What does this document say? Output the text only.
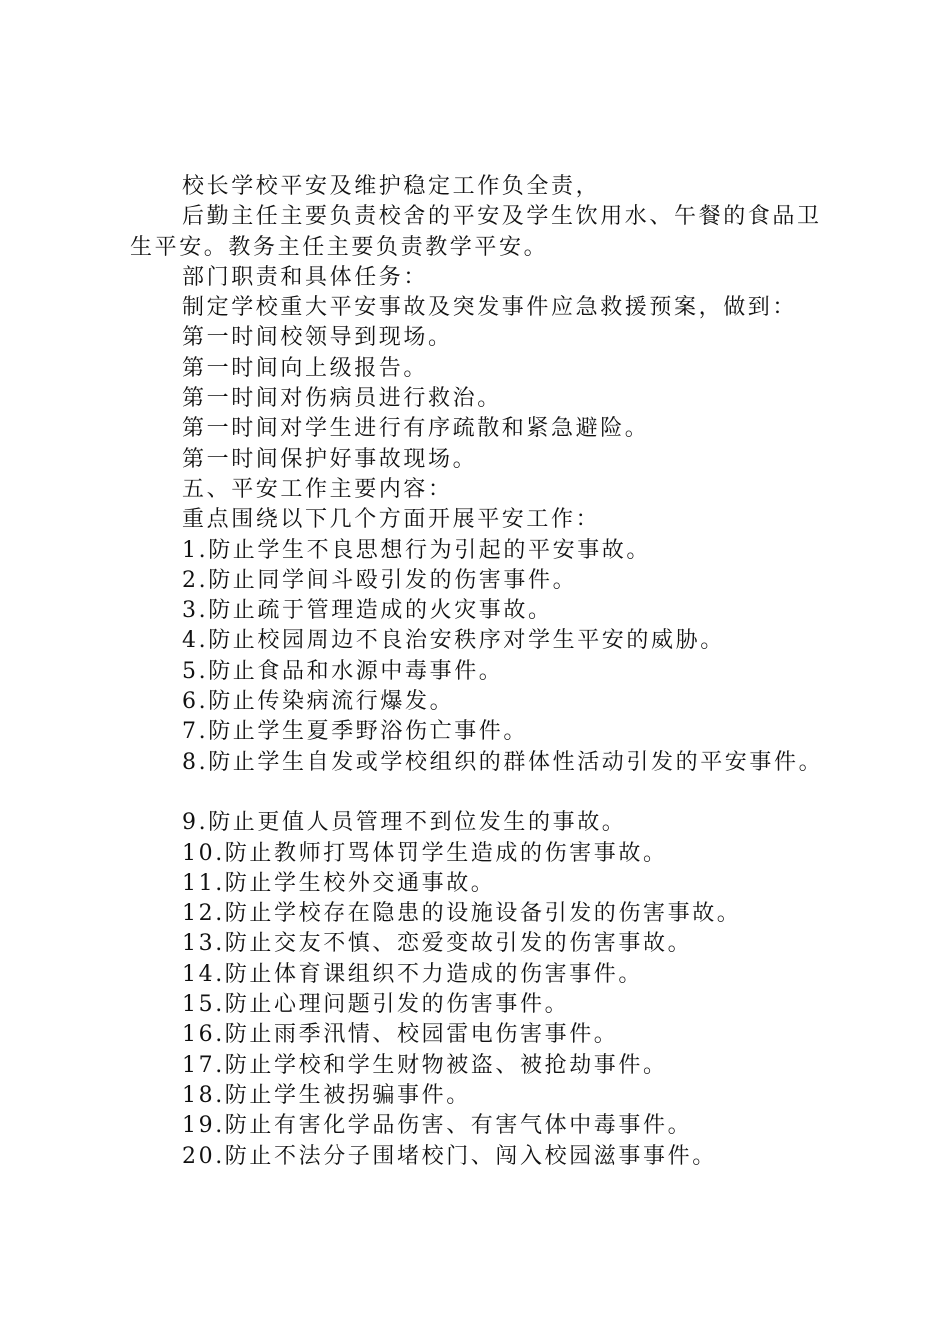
校长学校平安及维护稳定工作负全责，

后勤主任主要负责校舍的平安及学生饮用水、午餐的食品卫生平安。教务主任主要负责教学平安。

部门职责和具体任务：

制定学校重大平安事故及突发事件应急救援预案，做到：

第一时间校领导到现场。

第一时间向上级报告。

第一时间对伤病员进行救治。

第一时间对学生进行有序疏散和紧急避险。

第一时间保护好事故现场。

五、平安工作主要内容：

重点围绕以下几个方面开展平安工作：

1.防止学生不良思想行为引起的平安事故。

2.防止同学间斗殴引发的伤害事件。

3.防止疏于管理造成的火灾事故。

4.防止校园周边不良治安秩序对学生平安的威胁。

5.防止食品和水源中毒事件。

6.防止传染病流行爆发。

7.防止学生夏季野浴伤亡事件。

8.防止学生自发或学校组织的群体性活动引发的平安事件。

9.防止更值人员管理不到位发生的事故。

10.防止教师打骂体罚学生造成的伤害事故。

11.防止学生校外交通事故。

12.防止学校存在隐患的设施设备引发的伤害事故。

13.防止交友不慎、恋爱变故引发的伤害事故。

14.防止体育课组织不力造成的伤害事件。

15.防止心理问题引发的伤害事件。

16.防止雨季汛情、校园雷电伤害事件。

17.防止学校和学生财物被盗、被抢劫事件。

18.防止学生被拐骗事件。

19.防止有害化学品伤害、有害气体中毒事件。

20.防止不法分子围堵校门、闯入校园滋事事件。
